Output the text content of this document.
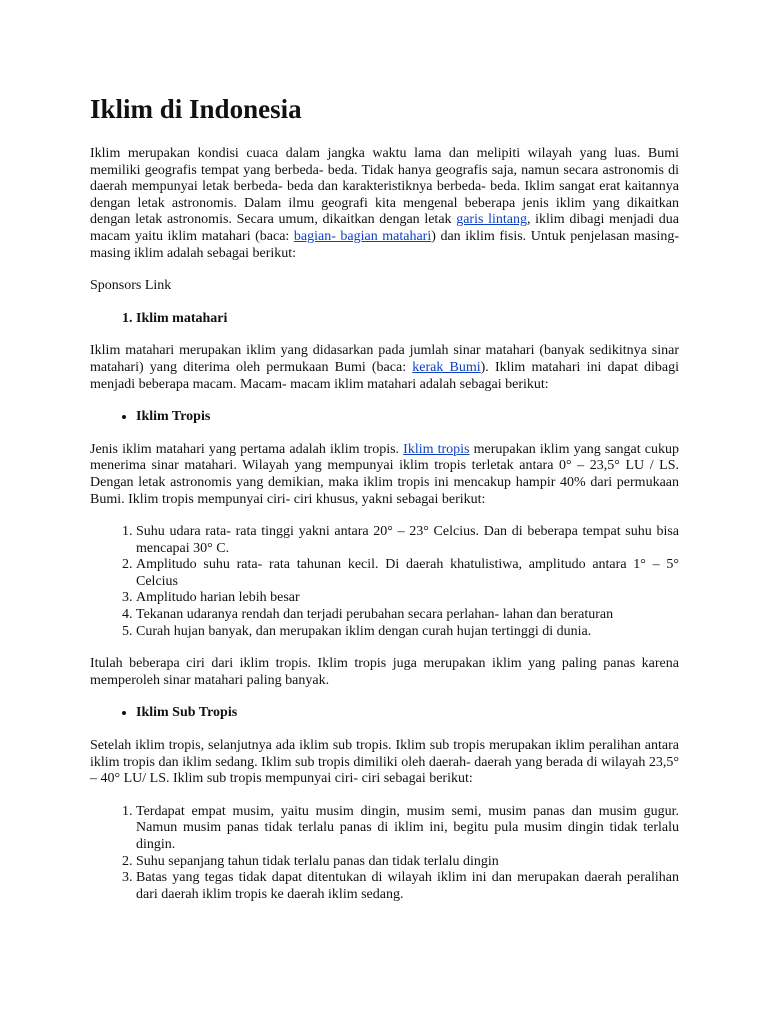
Iklim di Indonesia

Iklim merupakan kondisi cuaca dalam jangka waktu lama dan melipiti wilayah yang luas. Bumi memiliki geografis tempat yang berbeda- beda. Tidak hanya geografis saja, namun secara astronomis di daerah mempunyai letak berbeda- beda dan karakteristiknya berbeda- beda. Iklim sangat erat kaitannya dengan letak astronomis. Dalam ilmu geografi kita mengenal beberapa jenis iklim yang dikaitkan dengan letak astronomis. Secara umum, dikaitkan dengan letak garis lintang, iklim dibagi menjadi dua macam yaitu iklim matahari (baca: bagian- bagian matahari) dan iklim fisis. Untuk penjelasan masing- masing iklim adalah sebagai berikut:

Sponsors Link

1. Iklim matahari

Iklim matahari merupakan iklim yang didasarkan pada jumlah sinar matahari (banyak sedikitnya sinar matahari) yang diterima oleh permukaan Bumi (baca: kerak Bumi). Iklim matahari ini dapat dibagi menjadi beberapa macam. Macam- macam iklim matahari adalah sebagai berikut:

• Iklim Tropis

Jenis iklim matahari yang pertama adalah iklim tropis. Iklim tropis merupakan iklim yang sangat cukup menerima sinar matahari. Wilayah yang mempunyai iklim tropis terletak antara 0° – 23,5° LU / LS. Dengan letak astronomis yang demikian, maka iklim tropis ini mencakup hampir 40% dari permukaan Bumi. Iklim tropis mempunyai ciri- ciri khusus, yakni sebagai berikut:

1. Suhu udara rata- rata tinggi yakni antara 20° – 23° Celcius. Dan di beberapa tempat suhu bisa mencapai 30° C.
2. Amplitudo suhu rata- rata tahunan kecil. Di daerah khatulistiwa, amplitudo antara 1° – 5° Celcius
3. Amplitudo harian lebih besar
4. Tekanan udaranya rendah dan terjadi perubahan secara perlahan- lahan dan beraturan
5. Curah hujan banyak, dan merupakan iklim dengan curah hujan tertinggi di dunia.

Itulah beberapa ciri dari iklim tropis. Iklim tropis juga merupakan iklim yang paling panas karena memperoleh sinar matahari paling banyak.

• Iklim Sub Tropis

Setelah iklim tropis, selanjutnya ada iklim sub tropis. Iklim sub tropis merupakan iklim peralihan antara iklim tropis dan iklim sedang. Iklim sub tropis dimiliki oleh daerah- daerah yang berada di wilayah 23,5° – 40° LU/ LS. Iklim sub tropis mempunyai ciri- ciri sebagai berikut:

1. Terdapat empat musim, yaitu musim dingin, musim semi, musim panas dan musim gugur. Namun musim panas tidak terlalu panas di iklim ini, begitu pula musim dingin tidak terlalu dingin.
2. Suhu sepanjang tahun tidak terlalu panas dan tidak terlalu dingin
3. Batas yang tegas tidak dapat ditentukan di wilayah iklim ini dan merupakan daerah peralihan dari daerah iklim tropis ke daerah iklim sedang.
